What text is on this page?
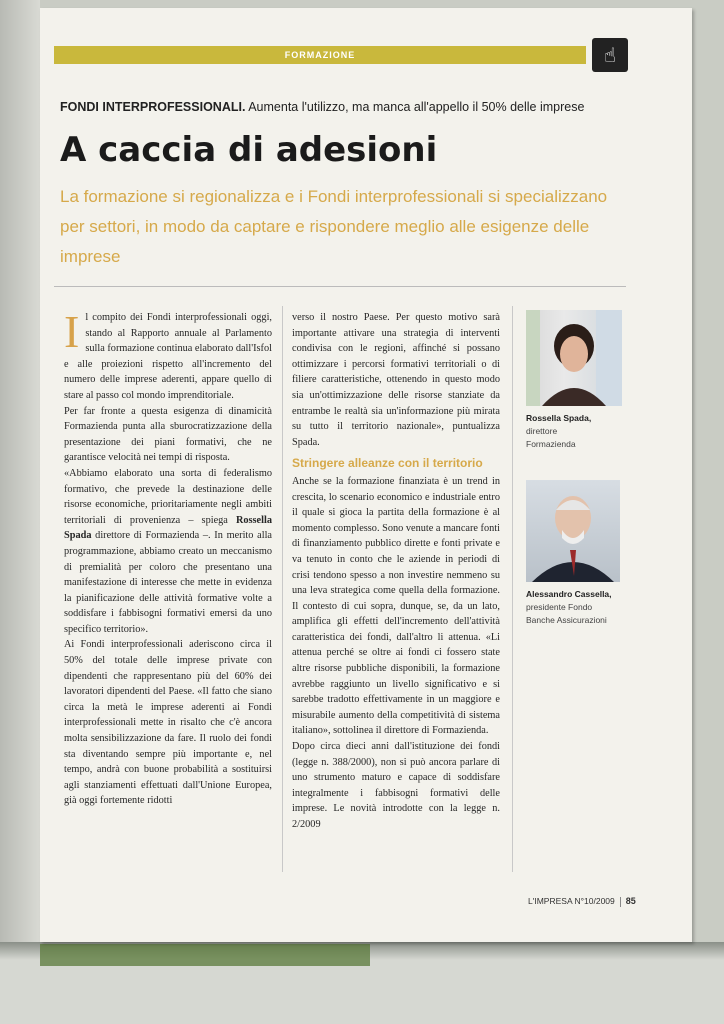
FORMAZIONE	☝
FONDI INTERPROFESSIONALI. Aumenta l'utilizzo, ma manca all'appello il 50% delle imprese
A caccia di adesioni
La formazione si regionalizza e i Fondi interprofessionali si specializzano per settori, in modo da captare e rispondere meglio alle esigenze delle imprese

Il compito dei Fondi interprofessionali oggi, stando al Rapporto annuale al Parlamento sulla formazione continua elaborato dall'Isfol e alle proiezioni rispetto all'incremento del numero delle imprese aderenti, appare quello di stare al passo col mondo imprenditoriale.

Per far fronte a questa esigenza di dinamicità Formazienda punta alla sburocratizzazione della presentazione dei piani formativi, che ne garantisce velocità nei tempi di risposta.

«Abbiamo elaborato una sorta di federalismo formativo, che prevede la destinazione delle risorse economiche, prioritariamente negli ambiti territoriali di provenienza – spiega Rossella Spada direttore di Formazienda –. In merito alla programmazione, abbiamo creato un meccanismo di premialità per coloro che presentano una manifestazione di interesse che mette in evidenza la pianificazione delle attività formative volte a soddisfare i fabbisogni formativi emersi da uno specifico territorio».

Ai Fondi interprofessionali aderiscono circa il 50% del totale delle imprese private con dipendenti che rappresentano più del 60% dei lavoratori dipendenti del Paese. «Il fatto che siano circa la metà le imprese aderenti ai Fondi interprofessionali mette in risalto che c'è ancora molta sensibilizzazione da fare. Il ruolo dei fondi sta diventando sempre più importante e, nel tempo, andrà con buone probabilità a sostituirsi agli stanziamenti effettuati dall'Unione Europea, già oggi fortemente ridotti

verso il nostro Paese. Per questo motivo sarà importante attivare una strategia di interventi condivisa con le regioni, affinché si possano ottimizzare i percorsi formativi territoriali o di filiere caratteristiche, ottenendo in questo modo sia un'ottimizzazione delle risorse stanziate da entrambe le realtà sia un'informazione più mirata su tutto il territorio nazionale», puntualizza Spada.

Stringere alleanze con il territorio

Anche se la formazione finanziata è un trend in crescita, lo scenario economico e industriale entro il quale si gioca la partita della formazione è al momento complesso. Sono venute a mancare fonti di finanziamento pubblico dirette e fonti private e va tenuto in conto che le aziende in periodi di crisi tendono spesso a non investire nemmeno su una leva strategica come quella della formazione. Il contesto di cui sopra, dunque, se, da un lato, amplifica gli effetti dell'incremento dell'attività caratteristica dei fondi, dall'altro li attenua. «Li attenua perché se oltre ai fondi ci fossero state altre risorse pubbliche disponibili, la formazione avrebbe raggiunto un livello significativo e si sarebbe tradotto effettivamente in un maggiore e misurabile aumento della competitività di sistema italiano», sottolinea il direttore di Formazienda.

Dopo circa dieci anni dall'istituzione dei fondi (legge n. 388/2000), non si può ancora parlare di uno strumento maturo e capace di soddisfare integralmente i fabbisogni formativi delle imprese. Le novità introdotte con la legge n. 2/2009

Rossella Spada,
direttore
Formazienda
Alessandro Cassella,
presidente Fondo
Banche Assicurazioni
L'IMPRESA N°10/2009 85
